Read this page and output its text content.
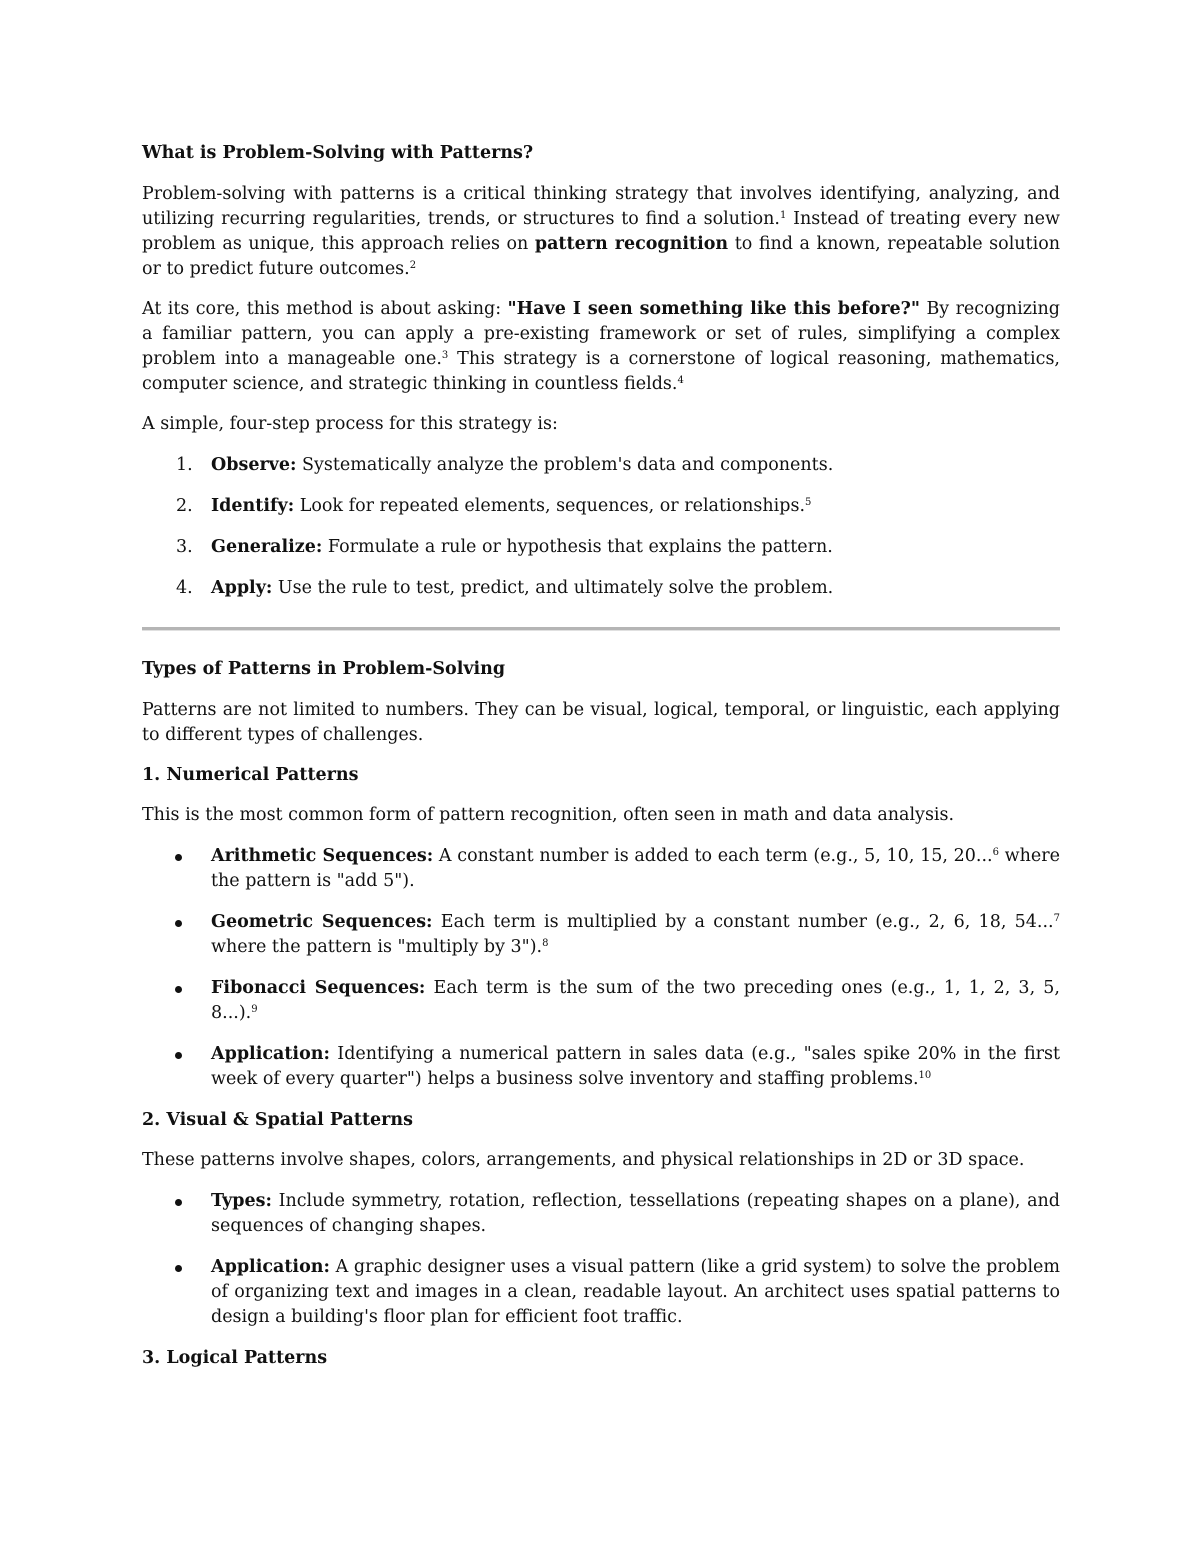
What is Problem-Solving with Patterns?

Problem-solving with patterns is a critical thinking strategy that involves identifying, analyzing, and utilizing recurring regularities, trends, or structures to find a solution.$^1$ Instead of treating every new problem as unique, this approach relies on pattern recognition to find a known, repeatable solution or to predict future outcomes.$^2$

At its core, this method is about asking: "Have I seen something like this before?" By recognizing a familiar pattern, you can apply a pre-existing framework or set of rules, simplifying a complex problem into a manageable one.$^3$ This strategy is a cornerstone of logical reasoning, mathematics, computer science, and strategic thinking in countless fields.$^4$

A simple, four-step process for this strategy is:

1. Observe: Systematically analyze the problem's data and components.
2. Identify: Look for repeated elements, sequences, or relationships.$^5$
3. Generalize: Formulate a rule or hypothesis that explains the pattern.
4. Apply: Use the rule to test, predict, and ultimately solve the problem.
Types of Patterns in Problem-Solving

Patterns are not limited to numbers. They can be visual, logical, temporal, or linguistic, each applying to different types of challenges.

1. Numerical Patterns

This is the most common form of pattern recognition, often seen in math and data analysis.

Arithmetic Sequences: A constant number is added to each term (e.g., 5, 10, 15, 20...$^6$ where the pattern is "add 5").
Geometric Sequences: Each term is multiplied by a constant number (e.g., 2, 6, 18, 54...$^7$ where the pattern is "multiply by 3").$^8$
Fibonacci Sequences: Each term is the sum of the two preceding ones (e.g., 1, 1, 2, 3, 5, 8...).$^9$
Application: Identifying a numerical pattern in sales data (e.g., "sales spike 20% in the first week of every quarter") helps a business solve inventory and staffing problems.$^{10}$
2. Visual & Spatial Patterns

These patterns involve shapes, colors, arrangements, and physical relationships in 2D or 3D space.

Types: Include symmetry, rotation, reflection, tessellations (repeating shapes on a plane), and sequences of changing shapes.
Application: A graphic designer uses a visual pattern (like a grid system) to solve the problem of organizing text and images in a clean, readable layout. An architect uses spatial patterns to design a building's floor plan for efficient foot traffic.
3. Logical Patterns
